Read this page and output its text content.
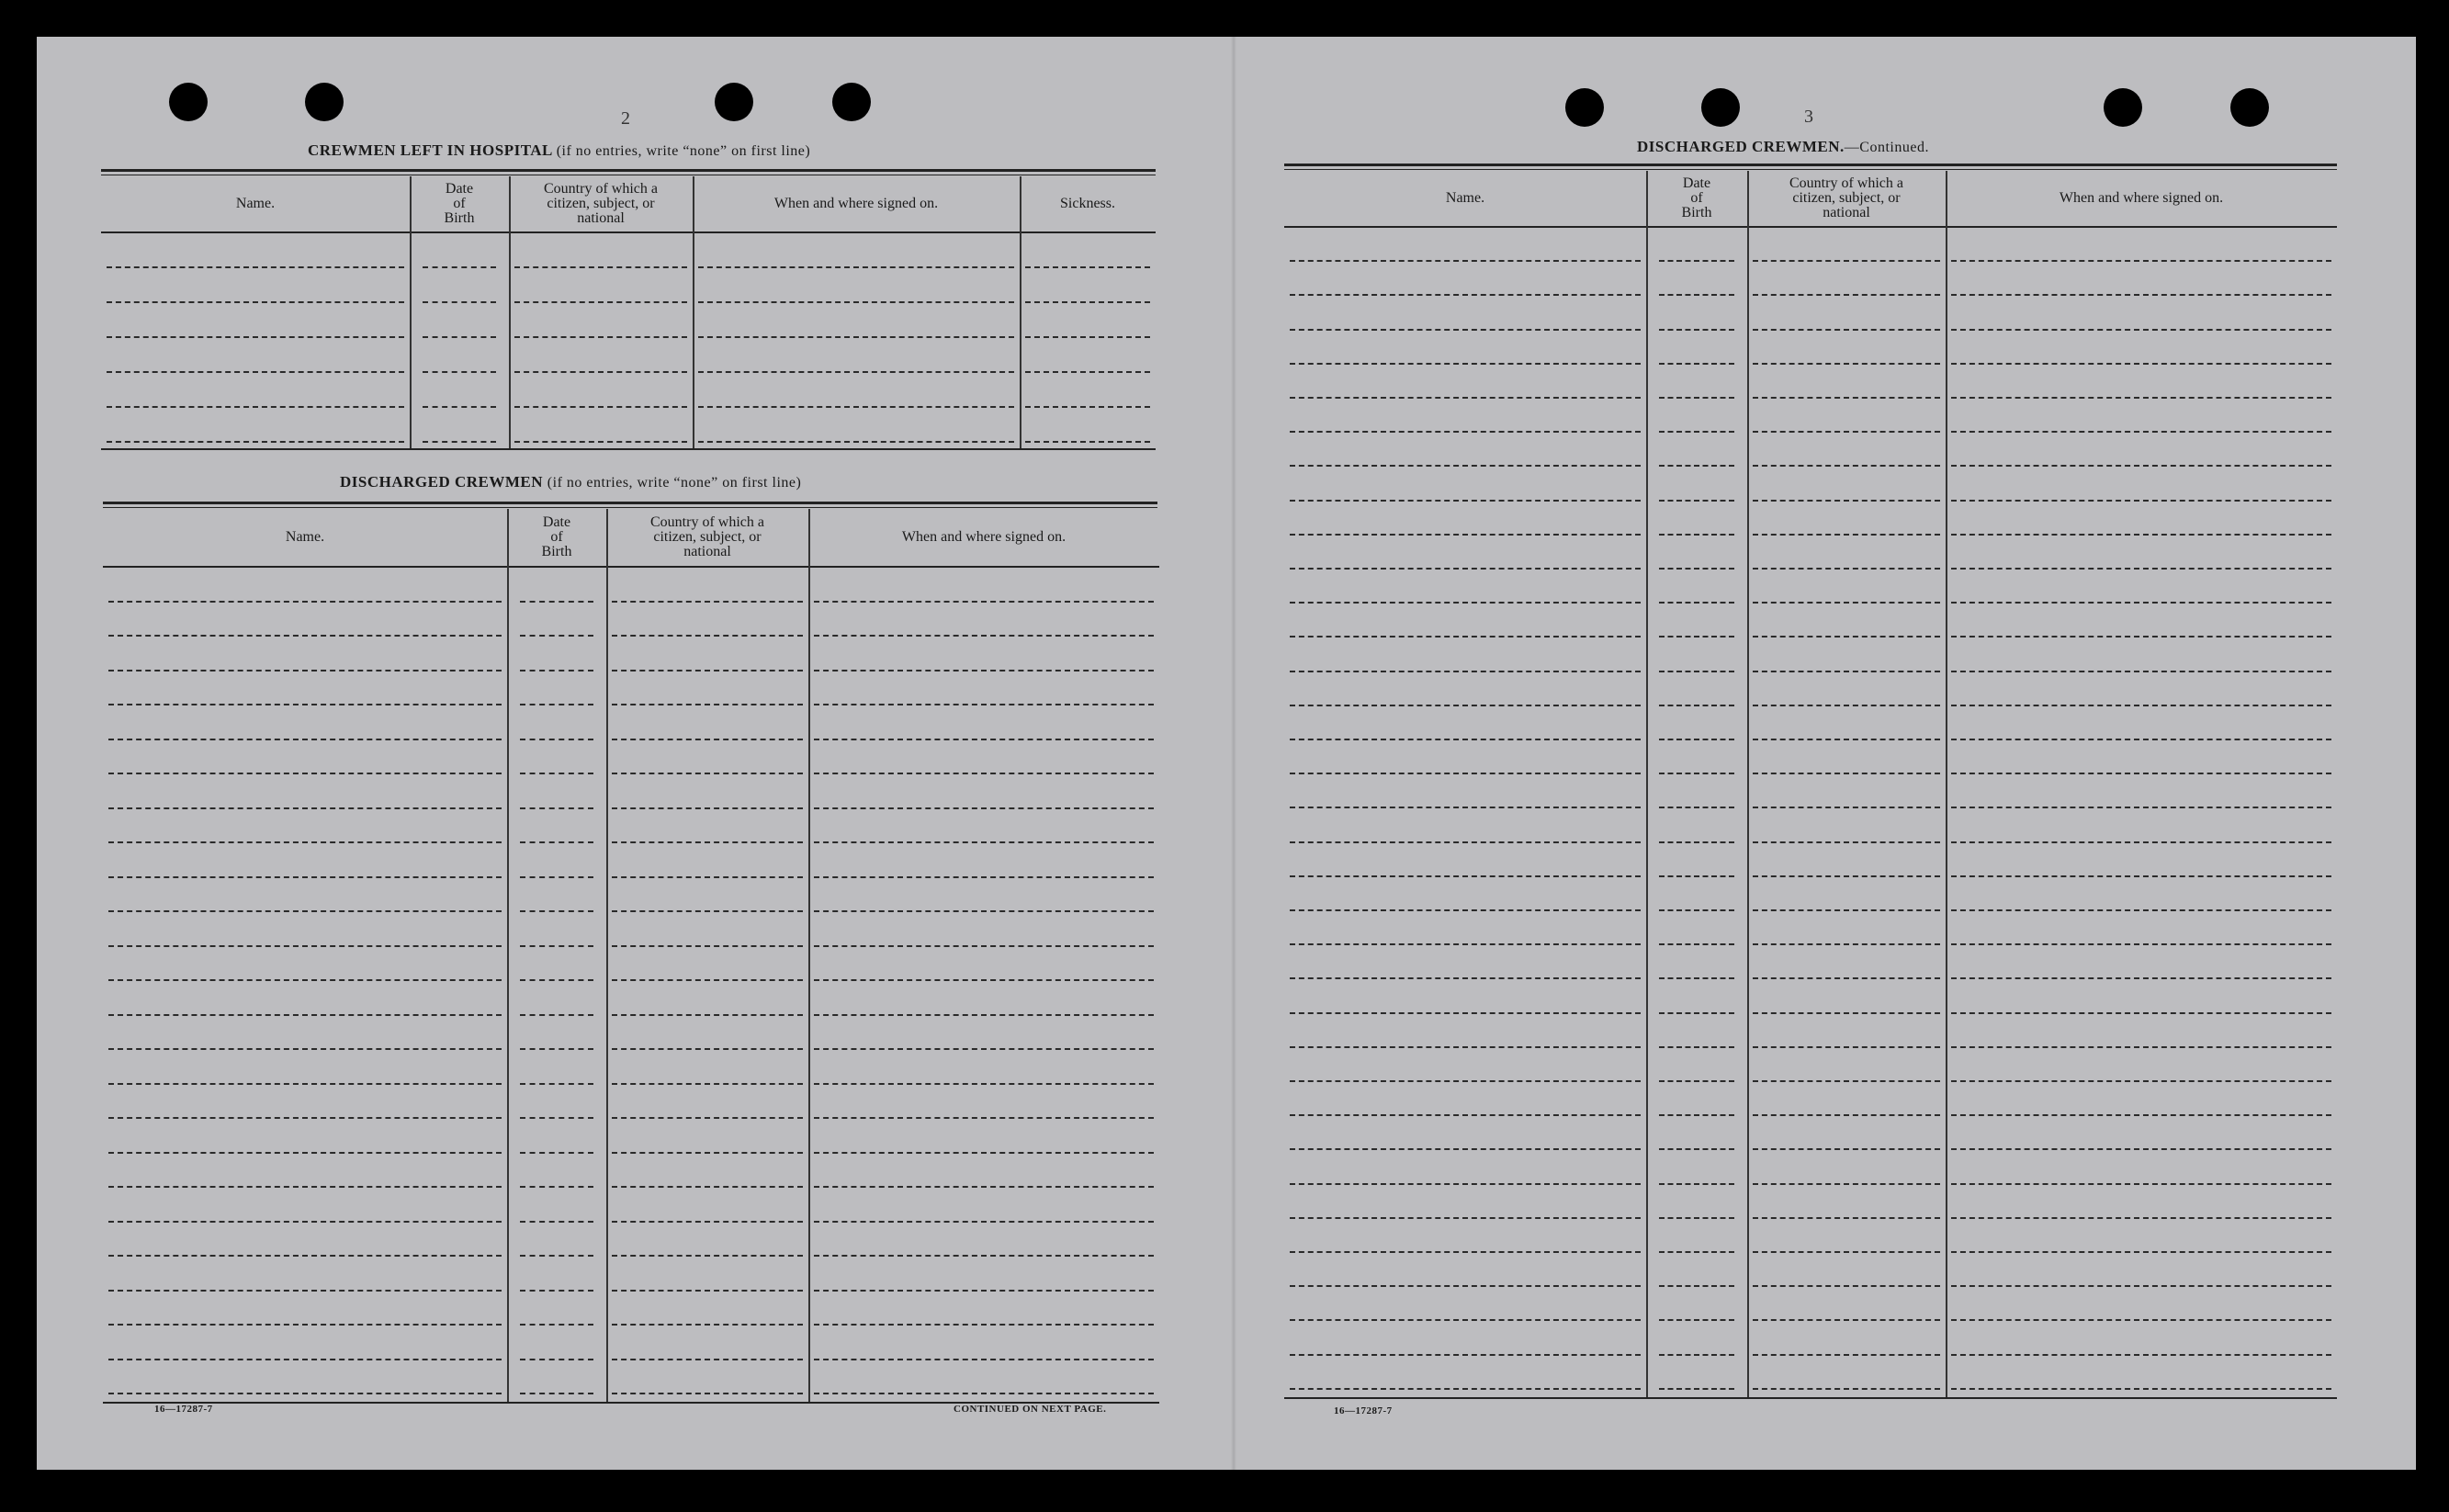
2
CREWMEN LEFT IN HOSPITAL (if no entries, write “none” on first line)
Name.
Date
of
Birth
Country of which a
citizen, subject, or
national
When and where signed on.	Sickness.
DISCHARGED CREWMEN (if no entries, write “none” on first line)
Name.
Date
of
Birth
Country of which a
citizen, subject, or
national
When and where signed on.
16—17287-7	CONTINUED ON NEXT PAGE.
3
DISCHARGED CREWMEN.—Continued.
Name.
Date
of
Birth
Country of which a
citizen, subject, or
national
When and where signed on.
16—17287-7
